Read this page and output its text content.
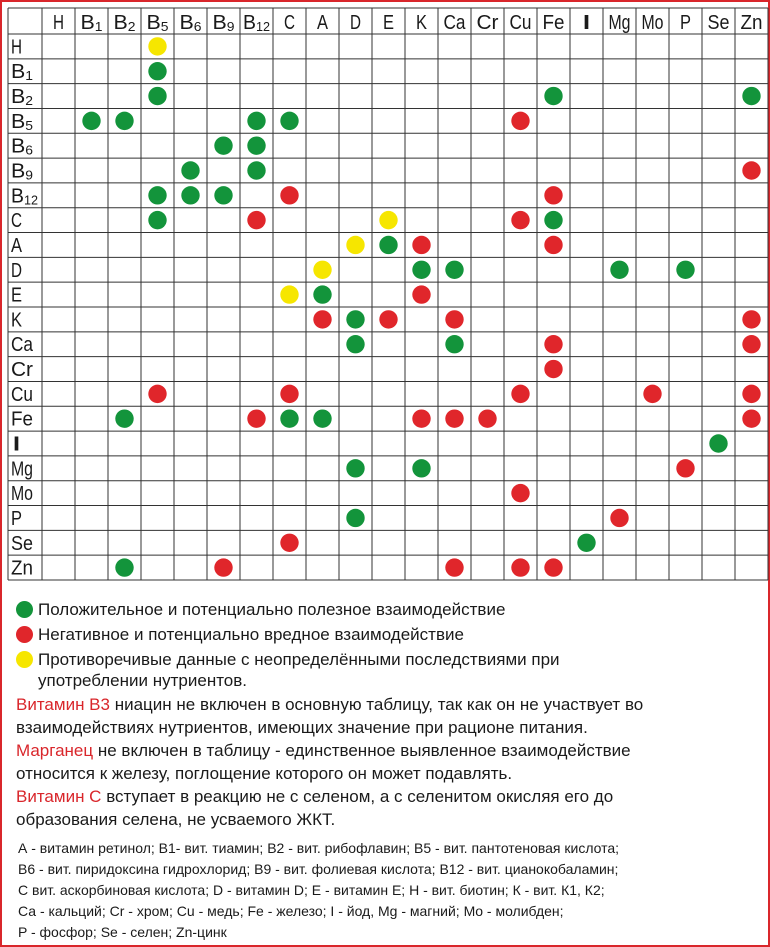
H B1 B2 B5 B6 B9 B12 C A D E K Ca Cr Cu Fe I Mg Mo P Se Zn
H
B1
B2
B5
B6
B9
B12
C
A
D
E
K
Ca
Cr
Cu
Fe
I
Mg
Mo
P
Se
Zn
Положительное и потенциально полезное взаимодействие
Негативное и потенциально вредное взаимодействие
Противоречивые данные с неопределёнными последствиями при
употреблении нутриентов.
Витамин В3 ниацин не включен в основную таблицу, так как он не участвует во
взаимодействиях нутриентов, имеющих значение при рационе питания.
Марганец не включен в таблицу - единственное выявленное взаимодействие
относится к железу, поглощение которого он может подавлять.
Витамин С вступает в реакцию не с селеном, а с селенитом окисляя его до
образования селена, не усваемого ЖКТ.
А - витамин ретинол; В1- вит. тиамин; В2 - вит. рибофлавин; В5 - вит. пантотеновая кислота;
В6 - вит. пиридоксина гидрохлорид; В9 - вит. фолиевая кислота; В12 - вит. цианокобаламин;
С вит. аскорбиновая кислота; D - витамин D; Е - витамин Е; Н - вит. биотин; К - вит. К1, К2;
Са - кальций; Cr - хром; Cu - медь; Fe - железо; I - йод, Mg - магний; Mo - молибден;
P - фосфор; Se - селен; Zn-цинк
